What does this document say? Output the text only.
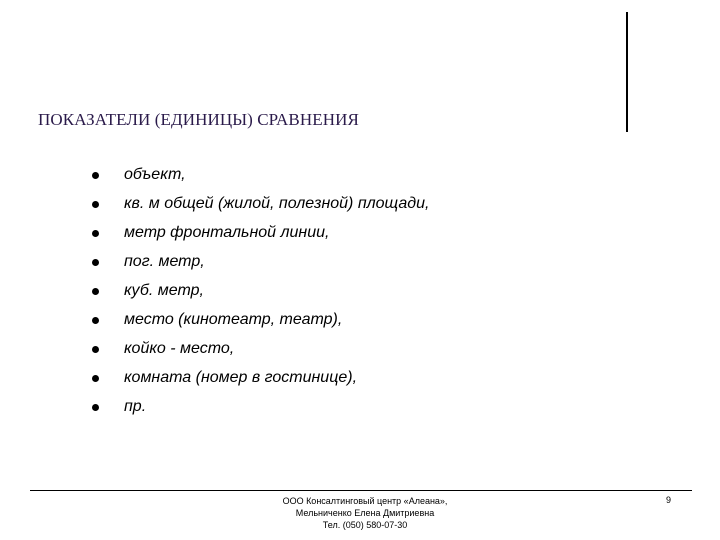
ПОКАЗАТЕЛИ (ЕДИНИЦЫ) СРАВНЕНИЯ
объект,
кв. м общей (жилой, полезной) площади,
метр фронтальной линии,
пог. метр,
куб. метр,
место (кинотеатр, театр),
койко - место,
комната (номер в гостинице),
пр.
ООО Консалтинговый центр «Алеана»,
Мельниченко Елена Дмитриевна
Тел. (050) 580-07-30
9
